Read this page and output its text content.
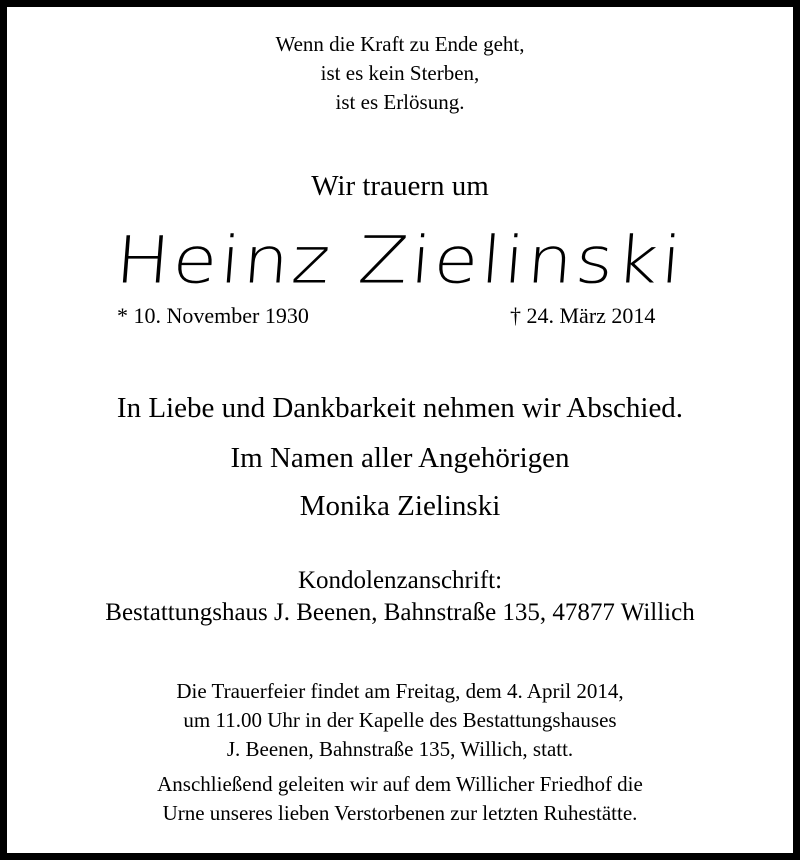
Wenn die Kraft zu Ende geht,
ist es kein Sterben,
ist es Erlösung.
Wir trauern um
Heinz Zielinski
* 10. November 1930	† 24. März 2014
In Liebe und Dankbarkeit nehmen wir Abschied.
Im Namen aller Angehörigen
Monika Zielinski
Kondolenzanschrift:
Bestattungshaus J. Beenen, Bahnstraße 135, 47877 Willich
Die Trauerfeier findet am Freitag, dem 4. April 2014,
um 11.00 Uhr in der Kapelle des Bestattungshauses
J. Beenen, Bahnstraße 135, Willich, statt.
Anschließend geleiten wir auf dem Willicher Friedhof die
Urne unseres lieben Verstorbenen zur letzten Ruhestätte.
